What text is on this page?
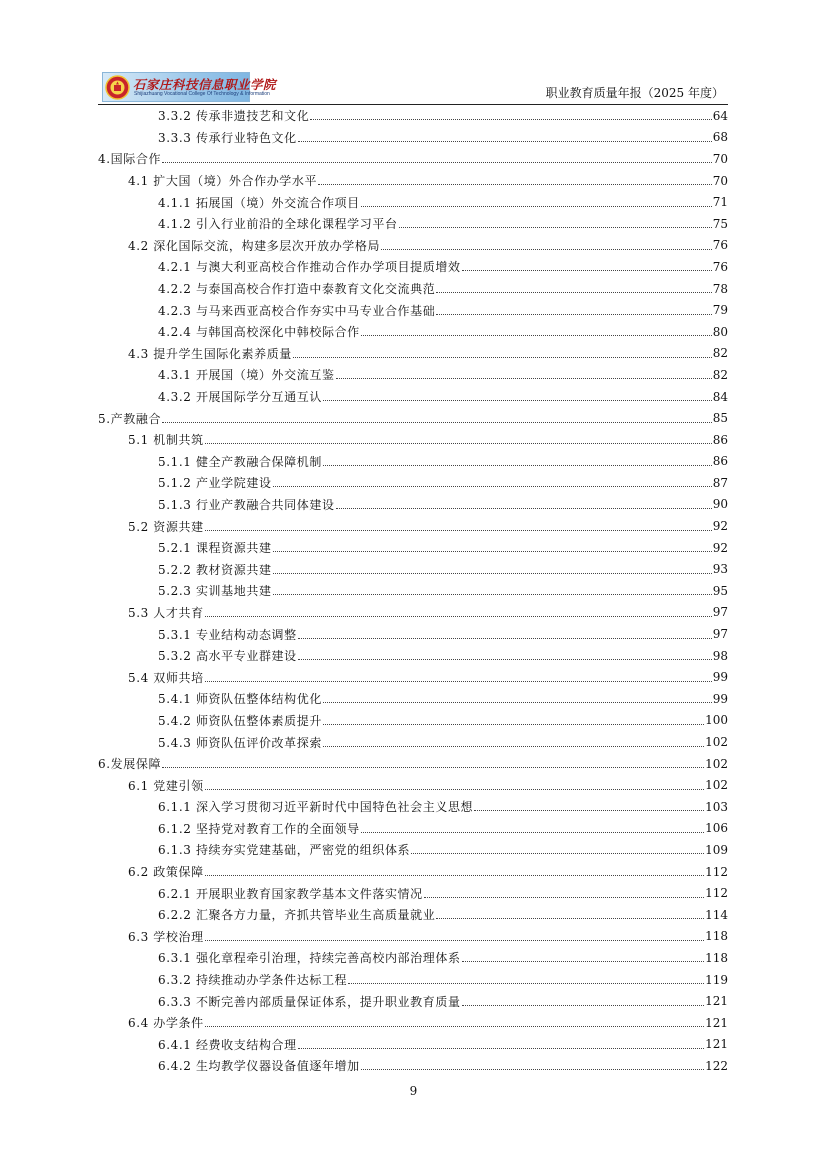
石家庄科技信息职业学院
Shijiazhuang Vocational College Of Technology & Information	职业教育质量年报（2025 年度）
3.3.2 传承非遗技艺和文化	64
3.3.3 传承行业特色文化	68
4.国际合作	70
4.1 扩大国（境）外合作办学水平	70
4.1.1 拓展国（境）外交流合作项目	71
4.1.2 引入行业前沿的全球化课程学习平台	75
4.2 深化国际交流，构建多层次开放办学格局	76
4.2.1 与澳大利亚高校合作推动合作办学项目提质增效	76
4.2.2 与泰国高校合作打造中泰教育文化交流典范	78
4.2.3 与马来西亚高校合作夯实中马专业合作基础	79
4.2.4 与韩国高校深化中韩校际合作	80
4.3 提升学生国际化素养质量	82
4.3.1 开展国（境）外交流互鉴	82
4.3.2 开展国际学分互通互认	84
5.产教融合	85
5.1 机制共筑	86
5.1.1 健全产教融合保障机制	86
5.1.2 产业学院建设	87
5.1.3 行业产教融合共同体建设	90
5.2 资源共建	92
5.2.1 课程资源共建	92
5.2.2 教材资源共建	93
5.2.3 实训基地共建	95
5.3 人才共育	97
5.3.1 专业结构动态调整	97
5.3.2 高水平专业群建设	98
5.4 双师共培	99
5.4.1 师资队伍整体结构优化	99
5.4.2 师资队伍整体素质提升	100
5.4.3 师资队伍评价改革探索	102
6.发展保障	102
6.1 党建引领	102
6.1.1 深入学习贯彻习近平新时代中国特色社会主义思想	103
6.1.2 坚持党对教育工作的全面领导	106
6.1.3 持续夯实党建基础，严密党的组织体系	109
6.2 政策保障	112
6.2.1 开展职业教育国家教学基本文件落实情况	112
6.2.2 汇聚各方力量，齐抓共管毕业生高质量就业	114
6.3 学校治理	118
6.3.1 强化章程牵引治理，持续完善高校内部治理体系	118
6.3.2 持续推动办学条件达标工程	119
6.3.3 不断完善内部质量保证体系，提升职业教育质量	121
6.4 办学条件	121
6.4.1 经费收支结构合理	121
6.4.2 生均教学仪器设备值逐年增加	122
9
